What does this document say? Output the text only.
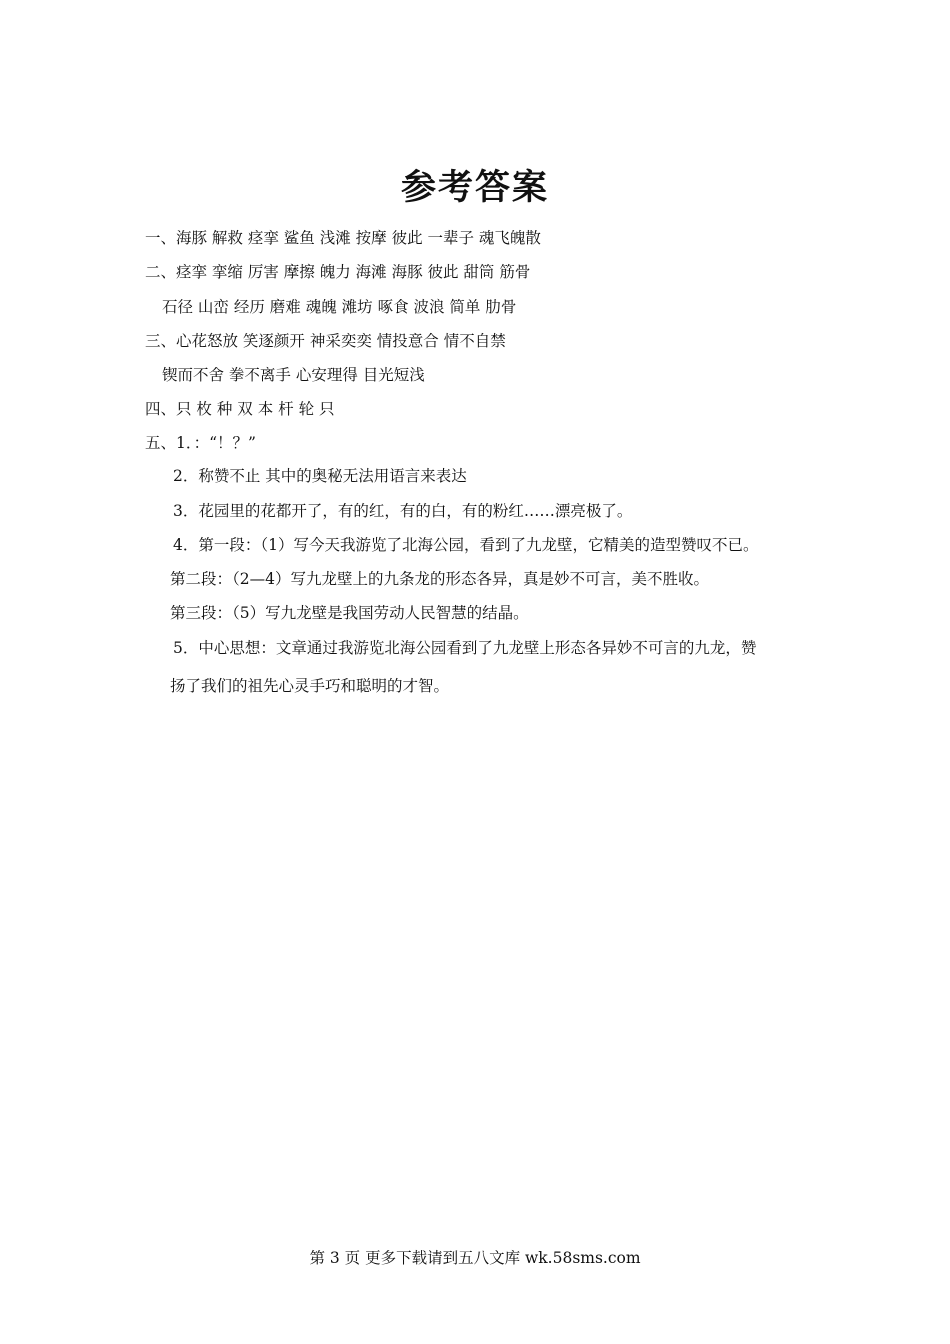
参考答案
一、海豚 解救 痉挛 鲨鱼 浅滩 按摩 彼此 一辈子 魂飞魄散
二、痉挛 挛缩 厉害 摩擦 魄力 海滩 海豚 彼此 甜筒 筋骨
石径 山峦 经历 磨难 魂魄 滩坊 啄食 波浪 简单 肋骨
三、心花怒放 笑逐颜开 神采奕奕 情投意合 情不自禁
锲而不舍 拳不离手 心安理得 目光短浅
四、只 枚 种 双 本 杆 轮 只
五、1．：“！？”
2．称赞不止 其中的奥秘无法用语言来表达
3．花园里的花都开了，有的红，有的白，有的粉红……漂亮极了。
4．第一段：（1）写今天我游览了北海公园，看到了九龙壁，它精美的造型赞叹不已。
第二段：（2—4）写九龙壁上的九条龙的形态各异，真是妙不可言，美不胜收。
第三段：（5）写九龙壁是我国劳动人民智慧的结晶。
5．中心思想：文章通过我游览北海公园看到了九龙壁上形态各异妙不可言的九龙，赞
扬了我们的祖先心灵手巧和聪明的才智。
第 3 页 更多下载请到五八文库 wk.58sms.com
